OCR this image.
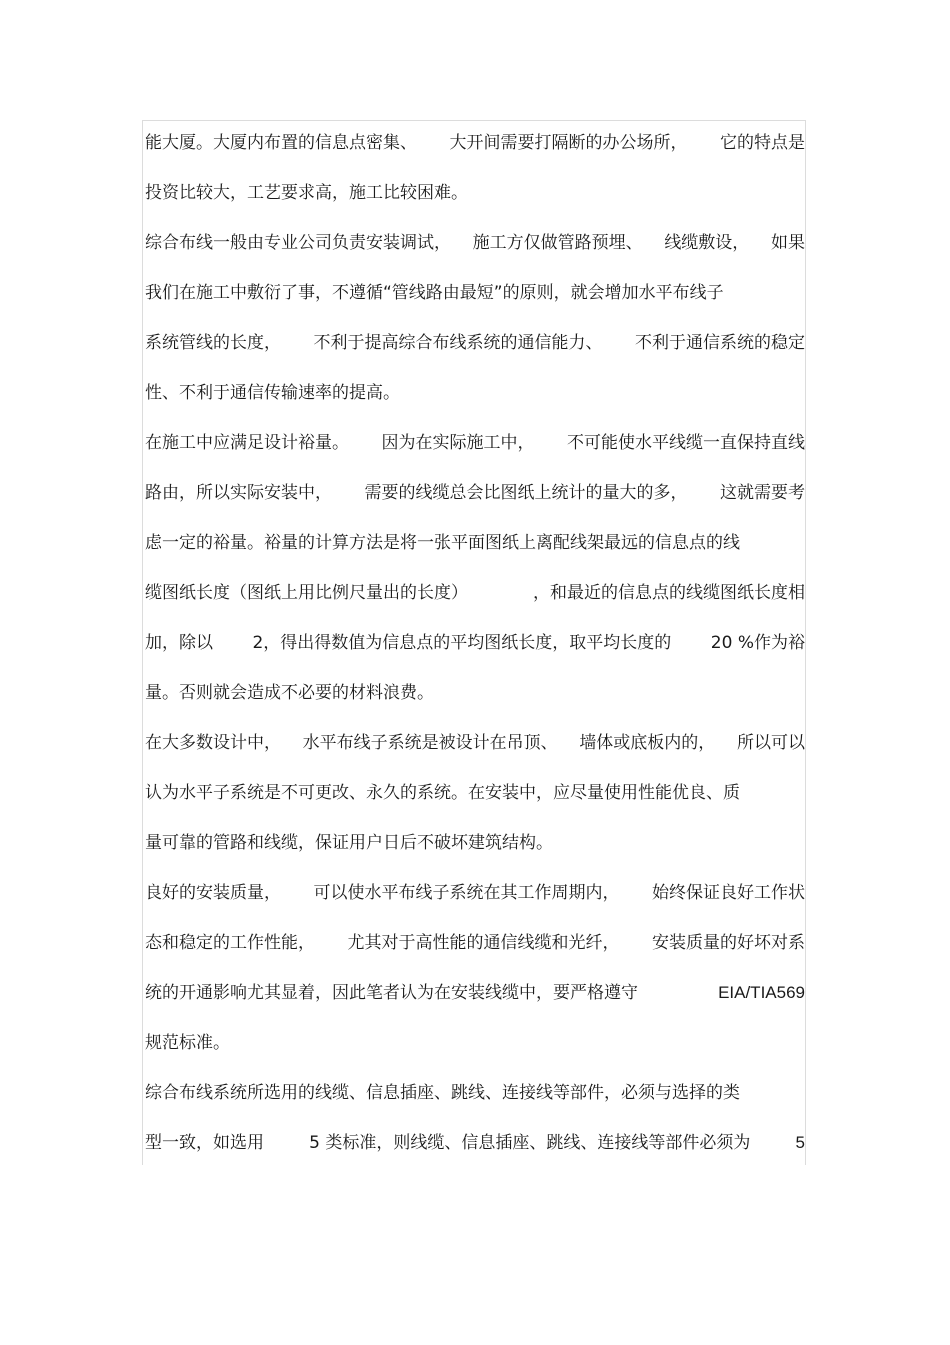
能大厦。大厦内布置的信息点密集、 大开间需要打隔断的办公场所， 它的特点是
投资比较大，工艺要求高，施工比较困难。
综合布线一般由专业公司负责安装调试， 施工方仅做管路预埋、 线缆敷设， 如果
我们在施工中敷衍了事，不遵循“管线路由最短”的原则，就会增加水平布线子
系统管线的长度， 不利于提高综合布线系统的通信能力、 不利于通信系统的稳定
性、不利于通信传输速率的提高。
在施工中应满足设计裕量。 因为在实际施工中， 不可能使水平线缆一直保持直线
路由，所以实际安装中， 需要的线缆总会比图纸上统计的量大的多， 这就需要考
虑一定的裕量。裕量的计算方法是将一张平面图纸上离配线架最远的信息点的线
缆图纸长度（图纸上用比例尺量出的长度）	，和最近的信息点的线缆图纸长度相
加，除以 2，得出得数值为信息点的平均图纸长度，取平均长度的 20 %作为裕
量。否则就会造成不必要的材料浪费。
在大多数设计中， 水平布线子系统是被设计在吊顶、 墙体或底板内的， 所以可以
认为水平子系统是不可更改、永久的系统。在安装中，应尽量使用性能优良、质
量可靠的管路和线缆，保证用户日后不破坏建筑结构。
良好的安装质量， 可以使水平布线子系统在其工作周期内， 始终保证良好工作状
态和稳定的工作性能， 尤其对于高性能的通信线缆和光纤， 安装质量的好坏对系
统的开通影响尤其显着，因此笔者认为在安装线缆中，要严格遵守	EIA/TIA569
规范标准。
综合布线系统所选用的线缆、信息插座、跳线、连接线等部件，必须与选择的类
型一致，如选用	5 类标准，则线缆、信息插座、跳线、连接线等部件必须为	5
